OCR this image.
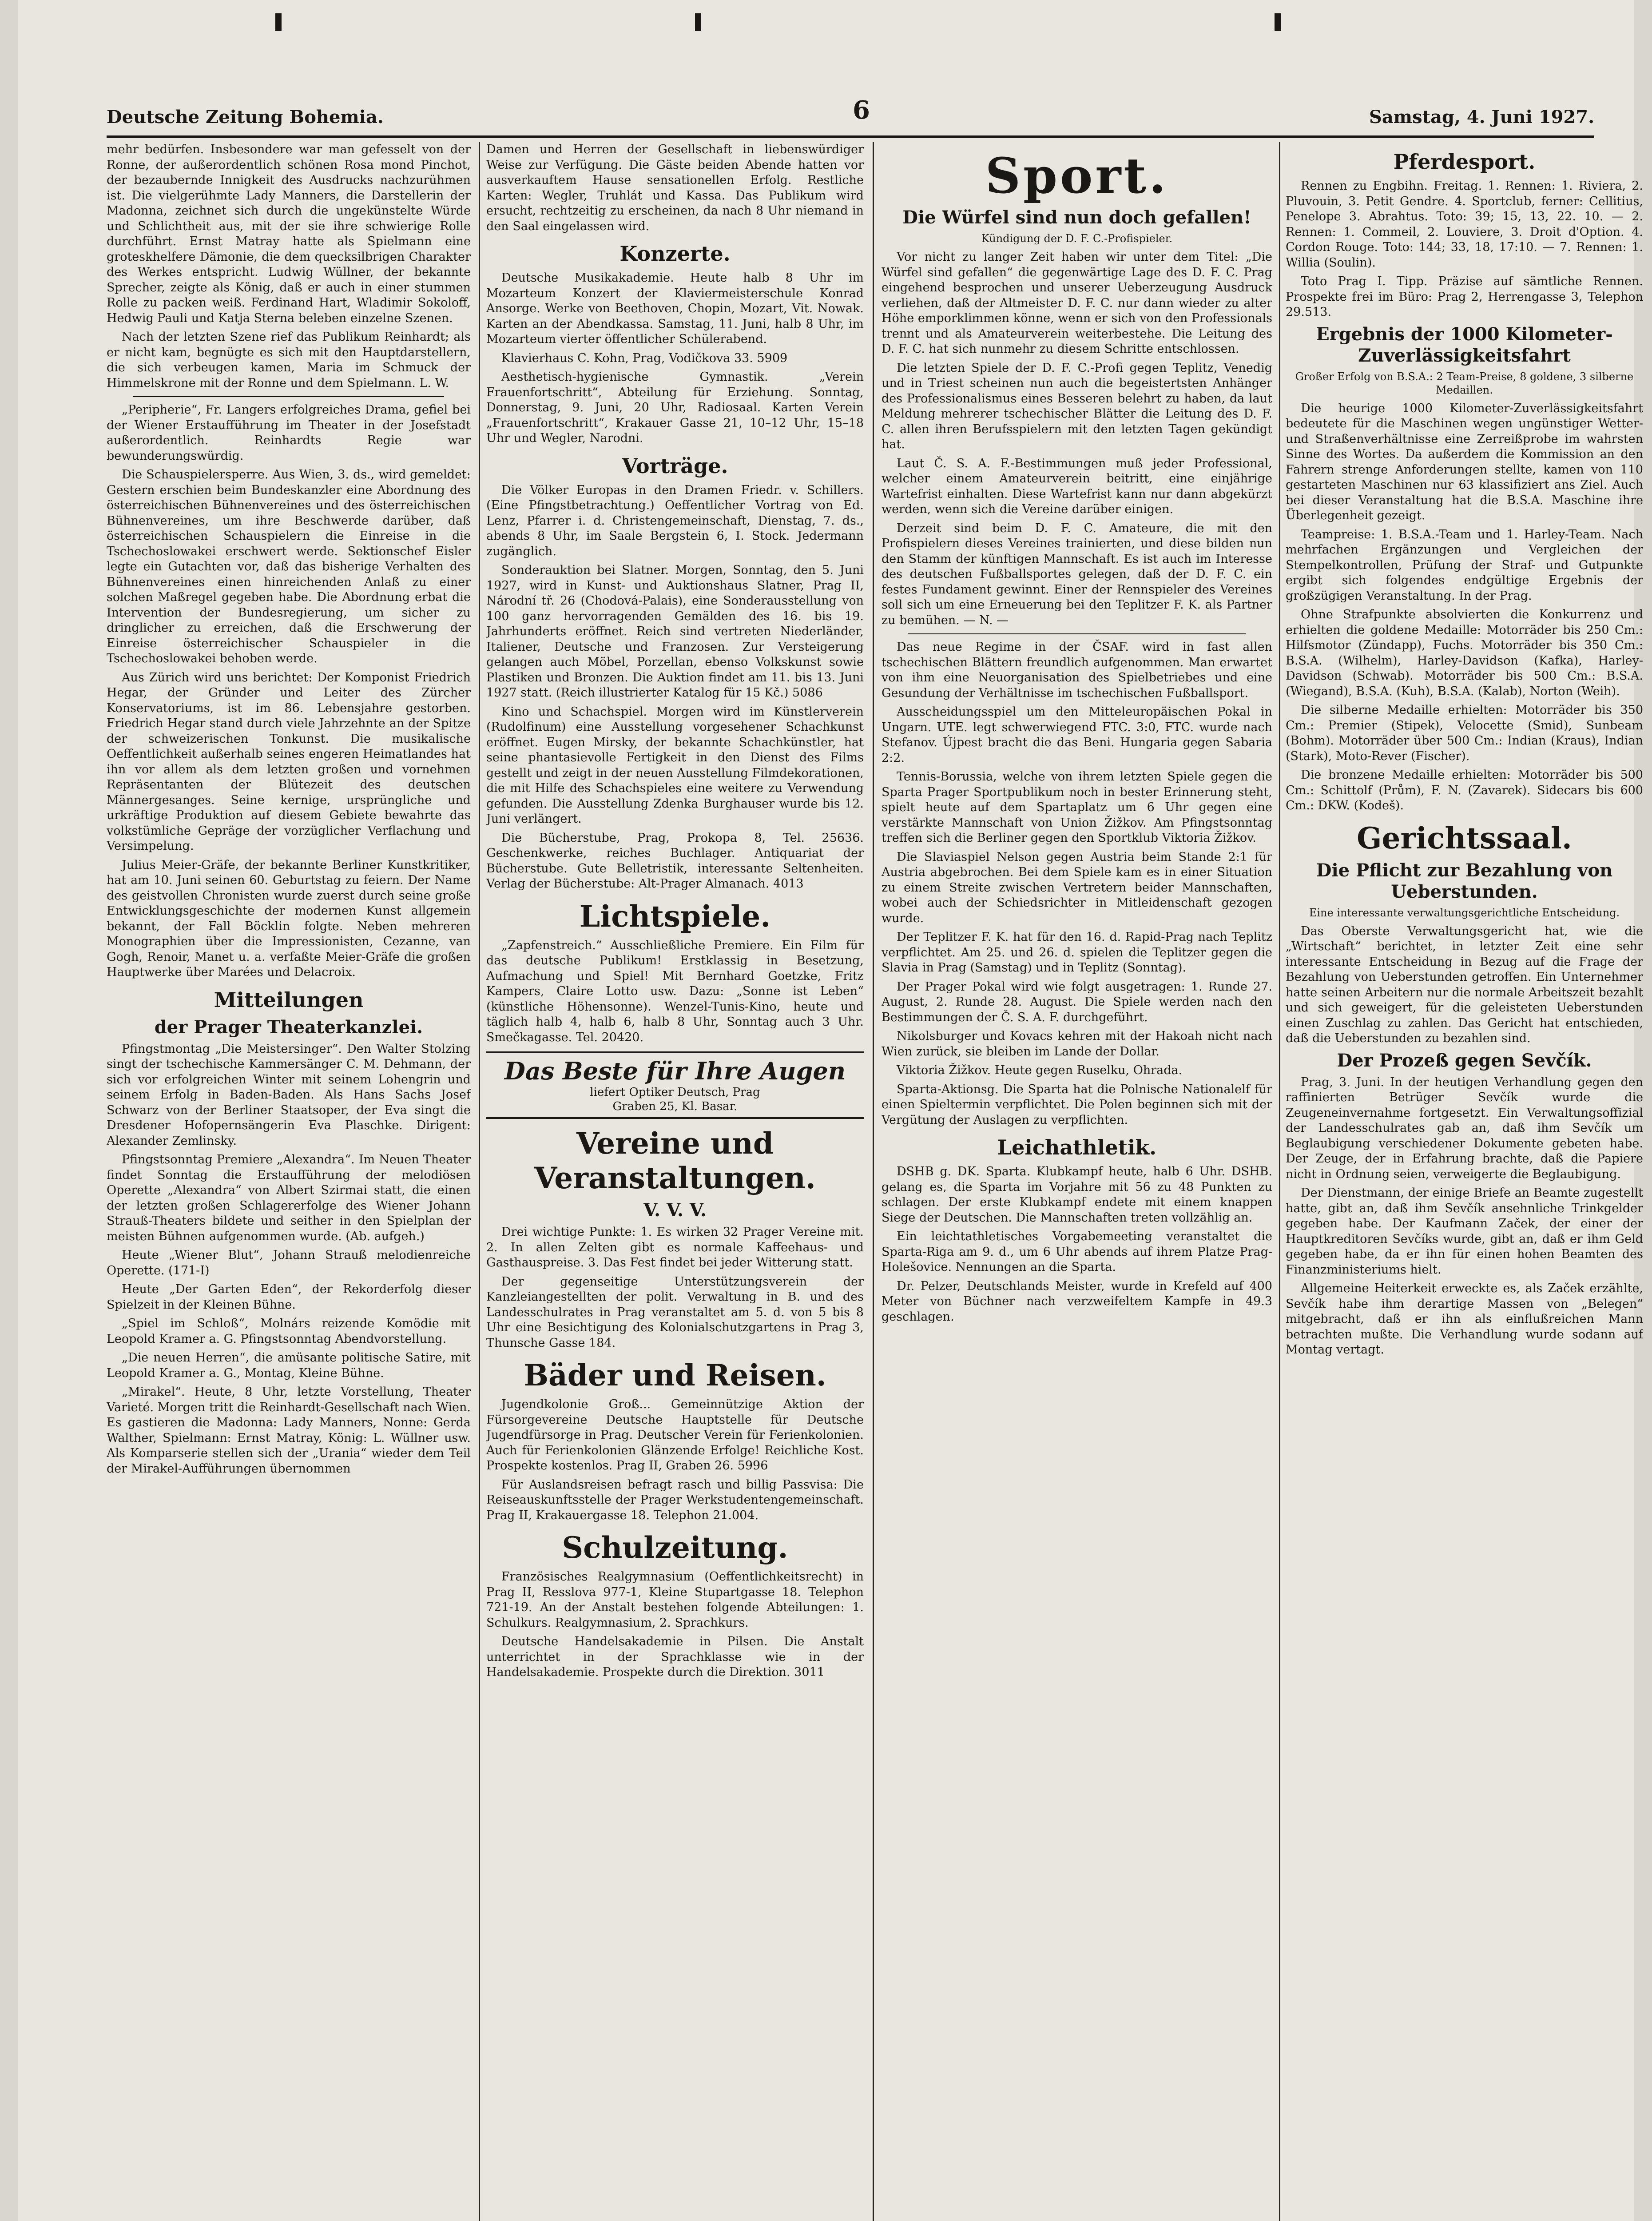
Deutsche Zeitung Bohemia.	6	Samstag, 4. Juni 1927.

mehr bedürfen. Insbesondere war man gefesselt von der Ronne, der außerordentlich schönen Rosa mond Pinchot, der bezaubernde Innigkeit des Ausdrucks nachzurühmen ist. Die vielgerühmte Lady Manners, die Darstellerin der Madonna, zeichnet sich durch die ungekünstelte Würde und Schlichtheit aus, mit der sie ihre schwierige Rolle durchführt. Ernst Matray hatte als Spielmann eine groteskhelfere Dämonie, die dem quecksilbrigen Charakter des Werkes entspricht. Ludwig Wüllner, der bekannte Sprecher, zeigte als König, daß er auch in einer stummen Rolle zu packen weiß. Ferdinand Hart, Wladimir Sokoloff, Hedwig Pauli und Katja Sterna beleben einzelne Szenen.

Nach der letzten Szene rief das Publikum Reinhardt; als er nicht kam, begnügte es sich mit den Hauptdarstellern, die sich verbeugen kamen, Maria im Schmuck der Himmelskrone mit der Ronne und dem Spielmann. L. W.

„Peripherie“, Fr. Langers erfolgreiches Drama, gefiel bei der Wiener Erstaufführung im Theater in der Josefstadt außerordentlich. Reinhardts Regie war bewunderungswürdig.

Die Schauspielersperre. Aus Wien, 3. ds., wird gemeldet: Gestern erschien beim Bundeskanzler eine Abordnung des österreichischen Bühnenvereines und des österreichischen Bühnenvereines, um ihre Beschwerde darüber, daß österreichischen Schauspielern die Einreise in die Tschechoslowakei erschwert werde. Sektionschef Eisler legte ein Gutachten vor, daß das bisherige Verhalten des Bühnenvereines einen hinreichenden Anlaß zu einer solchen Maßregel gegeben habe. Die Abordnung erbat die Intervention der Bundesregierung, um sicher zu dringlicher zu erreichen, daß die Erschwerung der Einreise österreichischer Schauspieler in die Tschechoslowakei behoben werde.

Aus Zürich wird uns berichtet: Der Komponist Friedrich Hegar, der Gründer und Leiter des Zürcher Konservatoriums, ist im 86. Lebensjahre gestorben. Friedrich Hegar stand durch viele Jahrzehnte an der Spitze der schweizerischen Tonkunst. Die musikalische Oeffentlichkeit außerhalb seines engeren Heimatlandes hat ihn vor allem als dem letzten großen und vornehmen Repräsentanten der Blütezeit des deutschen Männergesanges. Seine kernige, ursprüngliche und urkräftige Produktion auf diesem Gebiete bewahrte das volkstümliche Gepräge der vorzüglicher Verflachung und Versimpelung.

Julius Meier-Gräfe, der bekannte Berliner Kunstkritiker, hat am 10. Juni seinen 60. Geburtstag zu feiern. Der Name des geistvollen Chronisten wurde zuerst durch seine große Entwicklungsgeschichte der modernen Kunst allgemein bekannt, der Fall Böcklin folgte. Neben mehreren Monographien über die Impressionisten, Cezanne, van Gogh, Renoir, Manet u. a. verfaßte Meier-Gräfe die großen Hauptwerke über Marées und Delacroix.

Mitteilungen
der Prager Theaterkanzlei.

Pfingstmontag „Die Meistersinger“. Den Walter Stolzing singt der tschechische Kammersänger C. M. Dehmann, der sich vor erfolgreichen Winter mit seinem Lohengrin und seinem Erfolg in Baden-Baden. Als Hans Sachs Josef Schwarz von der Berliner Staatsoper, der Eva singt die Dresdener Hofopernsängerin Eva Plaschke. Dirigent: Alexander Zemlinsky.

Pfingstsonntag Premiere „Alexandra“. Im Neuen Theater findet Sonntag die Erstaufführung der melodiösen Operette „Alexandra“ von Albert Szirmai statt, die einen der letzten großen Schlagererfolge des Wiener Johann Strauß-Theaters bildete und seither in den Spielplan der meisten Bühnen aufgenommen wurde. (Ab. aufgeh.)

Heute „Wiener Blut“, Johann Strauß melodienreiche Operette. (171-I)

Heute „Der Garten Eden“, der Rekorderfolg dieser Spielzeit in der Kleinen Bühne.

„Spiel im Schloß“, Molnárs reizende Komödie mit Leopold Kramer a. G. Pfingstsonntag Abendvorstellung.

„Die neuen Herren“, die amüsante politische Satire, mit Leopold Kramer a. G., Montag, Kleine Bühne.

„Mirakel“. Heute, 8 Uhr, letzte Vorstellung, Theater Varieté. Morgen tritt die Reinhardt-Gesellschaft nach Wien. Es gastieren die Madonna: Lady Manners, Nonne: Gerda Walther, Spielmann: Ernst Matray, König: L. Wüllner usw. Als Komparserie stellen sich der „Urania“ wieder dem Teil der Mirakel-Aufführungen übernommen

Damen und Herren der Gesellschaft in liebenswürdiger Weise zur Verfügung. Die Gäste beiden Abende hatten vor ausverkauftem Hause sensationellen Erfolg. Restliche Karten: Wegler, Truhlát und Kassa. Das Publikum wird ersucht, rechtzeitig zu erscheinen, da nach 8 Uhr niemand in den Saal eingelassen wird.

Konzerte.

Deutsche Musikakademie. Heute halb 8 Uhr im Mozarteum Konzert der Klaviermeisterschule Konrad Ansorge. Werke von Beethoven, Chopin, Mozart, Vit. Nowak. Karten an der Abendkassa. Samstag, 11. Juni, halb 8 Uhr, im Mozarteum vierter öffentlicher Schülerabend.

Klavierhaus C. Kohn, Prag, Vodičkova 33. 5909

Aesthetisch-hygienische Gymnastik. „Verein Frauenfortschritt“, Abteilung für Erziehung. Sonntag, Donnerstag, 9. Juni, 20 Uhr, Radiosaal. Karten Verein „Frauenfortschritt“, Krakauer Gasse 21, 10–12 Uhr, 15–18 Uhr und Wegler, Narodni.

Vorträge.

Die Völker Europas in den Dramen Friedr. v. Schillers. (Eine Pfingstbetrachtung.) Oeffentlicher Vortrag von Ed. Lenz, Pfarrer i. d. Christengemeinschaft, Dienstag, 7. ds., abends 8 Uhr, im Saale Bergstein 6, I. Stock. Jedermann zugänglich.

Sonderauktion bei Slatner. Morgen, Sonntag, den 5. Juni 1927, wird in Kunst- und Auktionshaus Slatner, Prag II, Národní tř. 26 (Chodová-Palais), eine Sonderausstellung von 100 ganz hervorragenden Gemälden des 16. bis 19. Jahrhunderts eröffnet. Reich sind vertreten Niederländer, Italiener, Deutsche und Franzosen. Zur Versteigerung gelangen auch Möbel, Porzellan, ebenso Volkskunst sowie Plastiken und Bronzen. Die Auktion findet am 11. bis 13. Juni 1927 statt. (Reich illustrierter Katalog für 15 Kč.) 5086

Kino und Schachspiel. Morgen wird im Künstlerverein (Rudolfinum) eine Ausstellung vorgesehener Schachkunst eröffnet. Eugen Mirsky, der bekannte Schachkünstler, hat seine phantasievolle Fertigkeit in den Dienst des Films gestellt und zeigt in der neuen Ausstellung Filmdekorationen, die mit Hilfe des Schachspieles eine weitere zu Verwendung gefunden. Die Ausstellung Zdenka Burghauser wurde bis 12. Juni verlängert.

Die Bücherstube, Prag, Prokopa 8, Tel. 25636. Geschenkwerke, reiches Buchlager. Antiquariat der Bücherstube. Gute Belletristik, interessante Seltenheiten. Verlag der Bücherstube: Alt-Prager Almanach. 4013

Lichtspiele.

„Zapfenstreich.“ Ausschließliche Premiere. Ein Film für das deutsche Publikum! Erstklassig in Besetzung, Aufmachung und Spiel! Mit Bernhard Goetzke, Fritz Kampers, Claire Lotto usw. Dazu: „Sonne ist Leben“ (künstliche Höhensonne). Wenzel-Tunis-Kino, heute und täglich halb 4, halb 6, halb 8 Uhr, Sonntag auch 3 Uhr. Smečkagasse. Tel. 20420.

Das Beste für Ihre Augen
liefert Optiker Deutsch, Prag
Graben 25, Kl. Basar.
Vereine und Veranstaltungen.
V. V. V.

Drei wichtige Punkte: 1. Es wirken 32 Prager Vereine mit. 2. In allen Zelten gibt es normale Kaffeehaus- und Gasthauspreise. 3. Das Fest findet bei jeder Witterung statt.

Der gegenseitige Unterstützungsverein der Kanzleiangestellten der polit. Verwaltung in B. und des Landesschulrates in Prag veranstaltet am 5. d. von 5 bis 8 Uhr eine Besichtigung des Kolonialschutzgartens in Prag 3, Thunsche Gasse 184.

Bäder und Reisen.

Jugendkolonie Groß... Gemeinnützige Aktion der Fürsorgevereine Deutsche Hauptstelle für Deutsche Jugendfürsorge in Prag. Deutscher Verein für Ferienkolonien. Auch für Ferienkolonien Glänzende Erfolge! Reichliche Kost. Prospekte kostenlos. Prag II, Graben 26. 5996

Für Auslandsreisen befragt rasch und billig Passvisa: Die Reiseauskunftsstelle der Prager Werkstudentengemeinschaft. Prag II, Krakauergasse 18. Telephon 21.004.

Schulzeitung.

Französisches Realgymnasium (Oeffentlichkeitsrecht) in Prag II, Resslova 977-1, Kleine Stupartgasse 18. Telephon 721-19. An der Anstalt bestehen folgende Abteilungen: 1. Schulkurs. Realgymnasium, 2. Sprachkurs.

Deutsche Handelsakademie in Pilsen. Die Anstalt unterrichtet in der Sprachklasse wie in der Handelsakademie. Prospekte durch die Direktion. 3011

Sport.
Die Würfel sind nun doch gefallen!
Kündigung der D. F. C.-Profispieler.

Vor nicht zu langer Zeit haben wir unter dem Titel: „Die Würfel sind gefallen“ die gegenwärtige Lage des D. F. C. Prag eingehend besprochen und unserer Ueberzeugung Ausdruck verliehen, daß der Altmeister D. F. C. nur dann wieder zu alter Höhe emporklimmen könne, wenn er sich von den Professionals trennt und als Amateurverein weiterbestehe. Die Leitung des D. F. C. hat sich nunmehr zu diesem Schritte entschlossen.

Die letzten Spiele der D. F. C.-Profi gegen Teplitz, Venedig und in Triest scheinen nun auch die begeistertsten Anhänger des Professionalismus eines Besseren belehrt zu haben, da laut Meldung mehrerer tschechischer Blätter die Leitung des D. F. C. allen ihren Berufsspielern mit den letzten Tagen gekündigt hat.

Laut Č. S. A. F.-Bestimmungen muß jeder Professional, welcher einem Amateurverein beitritt, eine einjährige Wartefrist einhalten. Diese Wartefrist kann nur dann abgekürzt werden, wenn sich die Vereine darüber einigen.

Derzeit sind beim D. F. C. Amateure, die mit den Profispielern dieses Vereines trainierten, und diese bilden nun den Stamm der künftigen Mannschaft. Es ist auch im Interesse des deutschen Fußballsportes gelegen, daß der D. F. C. ein festes Fundament gewinnt. Einer der Rennspieler des Vereines soll sich um eine Erneuerung bei den Teplitzer F. K. als Partner zu bemühen. — N. —

Das neue Regime in der ČSAF. wird in fast allen tschechischen Blättern freundlich aufgenommen. Man erwartet von ihm eine Neuorganisation des Spielbetriebes und eine Gesundung der Verhältnisse im tschechischen Fußballsport.

Ausscheidungsspiel um den Mitteleuropäischen Pokal in Ungarn. UTE. legt schwerwiegend FTC. 3:0, FTC. wurde nach Stefanov. Újpest bracht die das Beni. Hungaria gegen Sabaria 2:2.

Tennis-Borussia, welche von ihrem letzten Spiele gegen die Sparta Prager Sportpublikum noch in bester Erinnerung steht, spielt heute auf dem Spartaplatz um 6 Uhr gegen eine verstärkte Mannschaft von Union Žižkov. Am Pfingstsonntag treffen sich die Berliner gegen den Sportklub Viktoria Žižkov.

Die Slaviaspiel Nelson gegen Austria beim Stande 2:1 für Austria abgebrochen. Bei dem Spiele kam es in einer Situation zu einem Streite zwischen Vertretern beider Mannschaften, wobei auch der Schiedsrichter in Mitleidenschaft gezogen wurde.

Der Teplitzer F. K. hat für den 16. d. Rapid-Prag nach Teplitz verpflichtet. Am 25. und 26. d. spielen die Teplitzer gegen die Slavia in Prag (Samstag) und in Teplitz (Sonntag).

Der Prager Pokal wird wie folgt ausgetragen: 1. Runde 27. August, 2. Runde 28. August. Die Spiele werden nach den Bestimmungen der Č. S. A. F. durchgeführt.

Nikolsburger und Kovacs kehren mit der Hakoah nicht nach Wien zurück, sie bleiben im Lande der Dollar.

Viktoria Žižkov. Heute gegen Ruselku, Ohrada.

Sparta-Aktionsg. Die Sparta hat die Polnische Nationalelf für einen Spieltermin verpflichtet. Die Polen beginnen sich mit der Vergütung der Auslagen zu verpflichten.

Leichathletik.

DSHB g. DK. Sparta. Klubkampf heute, halb 6 Uhr. DSHB. gelang es, die Sparta im Vorjahre mit 56 zu 48 Punkten zu schlagen. Der erste Klubkampf endete mit einem knappen Siege der Deutschen. Die Mannschaften treten vollzählig an.

Ein leichtathletisches Vorgabemeeting veranstaltet die Sparta-Riga am 9. d., um 6 Uhr abends auf ihrem Platze Prag-Holešovice. Nennungen an die Sparta.

Dr. Pelzer, Deutschlands Meister, wurde in Krefeld auf 400 Meter von Büchner nach verzweifeltem Kampfe in 49.3 geschlagen.

Pferdesport.

Rennen zu Engbihn. Freitag. 1. Rennen: 1. Riviera, 2. Pluvouin, 3. Petit Gendre. 4. Sportclub, ferner: Cellitius, Penelope 3. Abrahtus. Toto: 39; 15, 13, 22. 10. — 2. Rennen: 1. Commeil, 2. Louviere, 3. Droit d'Option. 4. Cordon Rouge. Toto: 144; 33, 18, 17:10. — 7. Rennen: 1. Willia (Soulin).

Toto Prag I. Tipp. Präzise auf sämtliche Rennen. Prospekte frei im Büro: Prag 2, Herrengasse 3, Telephon 29.513.

Ergebnis der 1000 Kilometer-Zuverlässigkeitsfahrt
Großer Erfolg von B.S.A.: 2 Team-Preise, 8 goldene, 3 silberne Medaillen.

Die heurige 1000 Kilometer-Zuverlässigkeitsfahrt bedeutete für die Maschinen wegen ungünstiger Wetter- und Straßenverhältnisse eine Zerreißprobe im wahrsten Sinne des Wortes. Da außerdem die Kommission an den Fahrern strenge Anforderungen stellte, kamen von 110 gestarteten Maschinen nur 63 klassifiziert ans Ziel. Auch bei dieser Veranstaltung hat die B.S.A. Maschine ihre Überlegenheit gezeigt.

Teampreise: 1. B.S.A.-Team und 1. Harley-Team. Nach mehrfachen Ergänzungen und Vergleichen der Stempelkontrollen, Prüfung der Straf- und Gutpunkte ergibt sich folgendes endgültige Ergebnis der großzügigen Veranstaltung. In der Prag.

Ohne Strafpunkte absolvierten die Konkurrenz und erhielten die goldene Medaille: Motorräder bis 250 Cm.: Hilfsmotor (Zündapp), Fuchs. Motorräder bis 350 Cm.: B.S.A. (Wilhelm), Harley-Davidson (Kafka), Harley-Davidson (Schwab). Motorräder bis 500 Cm.: B.S.A. (Wiegand), B.S.A. (Kuh), B.S.A. (Kalab), Norton (Weih).

Die silberne Medaille erhielten: Motorräder bis 350 Cm.: Premier (Stipek), Velocette (Smid), Sunbeam (Bohm). Motorräder über 500 Cm.: Indian (Kraus), Indian (Stark), Moto-Rever (Fischer).

Die bronzene Medaille erhielten: Motorräder bis 500 Cm.: Schittolf (Prům), F. N. (Zavarek). Sidecars bis 600 Cm.: DKW. (Kodeš).

Gerichtssaal.
Die Pflicht zur Bezahlung von Ueberstunden.
Eine interessante verwaltungsgerichtliche Entscheidung.

Das Oberste Verwaltungsgericht hat, wie die „Wirtschaft“ berichtet, in letzter Zeit eine sehr interessante Entscheidung in Bezug auf die Frage der Bezahlung von Ueberstunden getroffen. Ein Unternehmer hatte seinen Arbeitern nur die normale Arbeitszeit bezahlt und sich geweigert, für die geleisteten Ueberstunden einen Zuschlag zu zahlen. Das Gericht hat entschieden, daß die Ueberstunden zu bezahlen sind.

Der Prozeß gegen Sevčík.

Prag, 3. Juni. In der heutigen Verhandlung gegen den raffinierten Betrüger Sevčík wurde die Zeugeneinvernahme fortgesetzt. Ein Verwaltungsoffizial der Landesschulrates gab an, daß ihm Sevčík um Beglaubigung verschiedener Dokumente gebeten habe. Der Zeuge, der in Erfahrung brachte, daß die Papiere nicht in Ordnung seien, verweigerte die Beglaubigung.

Der Dienstmann, der einige Briefe an Beamte zugestellt hatte, gibt an, daß ihm Sevčík ansehnliche Trinkgelder gegeben habe. Der Kaufmann Začek, der einer der Hauptkreditoren Sevčíks wurde, gibt an, daß er ihm Geld gegeben habe, da er ihn für einen hohen Beamten des Finanzministeriums hielt.

Allgemeine Heiterkeit erweckte es, als Začek erzählte, Sevčík habe ihm derartige Massen von „Belegen“ mitgebracht, daß er ihn als einflußreichen Mann betrachten mußte. Die Verhandlung wurde sodann auf Montag vertagt.
